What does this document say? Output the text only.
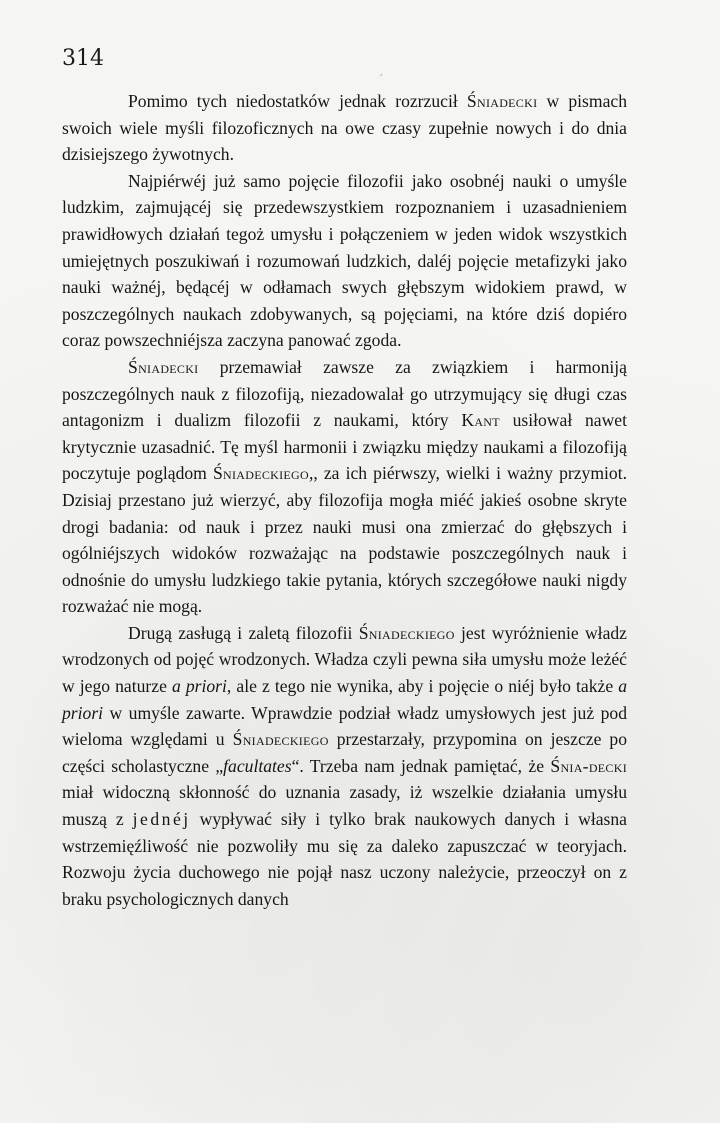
314
′

Pomimo tych niedostatków jednak rozrzucił Śniadecki w pismach swoich wiele myśli filozoficznych na owe czasy zupełnie nowych i do dnia dzisiejszego żywotnych.

Najpiérwéj już samo pojęcie filozofii jako osobnéj nauki o umyśle ludzkim, zajmującéj się przedewszystkiem rozpoznaniem i uzasadnieniem prawidłowych działań tegoż umysłu i połączeniem w jeden widok wszystkich umiejętnych poszukiwań i rozumowań ludzkich, daléj pojęcie metafizyki jako nauki ważnéj, będącéj w odłamach swych głębszym widokiem prawd, w poszczególnych naukach zdobywanych, są pojęciami, na które dziś dopiéro coraz powszechniéjsza zaczyna panować zgoda.

Śniadecki przemawiał zawsze za związkiem i harmoniją poszczególnych nauk z filozofiją, niezadowalał go utrzymujący się długi czas antagonizm i dualizm filozofii z naukami, który Kant usiłował nawet krytycznie uzasadnić. Tę myśl harmonii i związku między naukami a filozofiją poczytuje poglądom Śniadeckiego,, za ich piérwszy, wielki i ważny przymiot. Dzisiaj przestano już wierzyć, aby filozofija mogła miéć jakieś osobne skryte drogi badania: od nauk i przez nauki musi ona zmierzać do głębszych i ogólniéjszych widoków rozważając na podstawie poszczególnych nauk i odnośnie do umysłu ludzkiego takie pytania, których szczegółowe nauki nigdy rozważać nie mogą.

Drugą zasługą i zaletą filozofii Śniadeckiego jest wyróżnienie władz wrodzonych od pojęć wrodzonych. Władza czyli pewna siła umysłu może leżéć w jego naturze a priori, ale z tego nie wynika, aby i pojęcie o niéj było także a priori w umyśle zawarte. Wprawdzie podział władz umysłowych jest już pod wieloma względami u Śniadeckiego przestarzały, przypomina on jeszcze po części scholastyczne „facultates“. Trzeba nam jednak pamiętać, że Śnia-decki miał widoczną skłonność do uznania zasady, iż wszelkie działania umysłu muszą z jednéj wypływać siły i tylko brak naukowych danych i własna wstrzemięźliwość nie pozwoliły mu się za daleko zapuszczać w teoryjach. Rozwoju życia duchowego nie pojął nasz uczony należycie, przeoczył on z braku psychologicznych danych
